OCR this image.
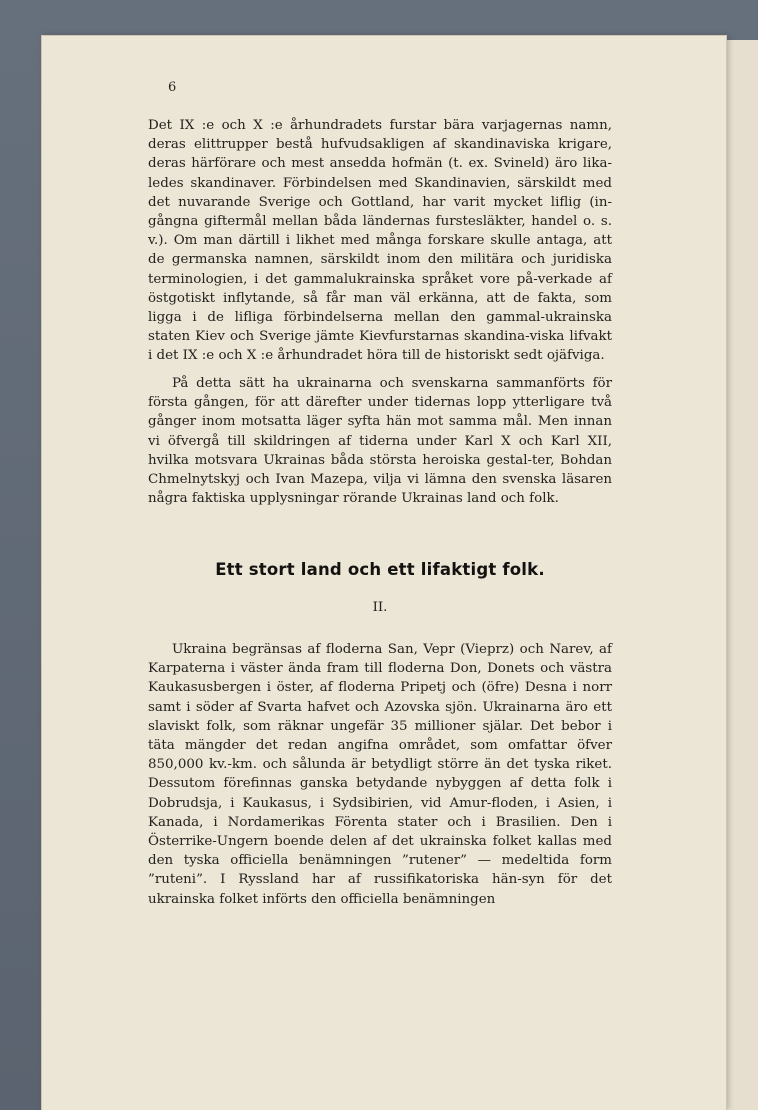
6

Det IX :e och X :e århundradets furstar bära varjagernas namn, deras elittrupper bestå hufvudsakligen af skandinaviska krigare, deras härförare och mest ansedda hofmän (t. ex. Svineld) äro lika-ledes skandinaver. Förbindelsen med Skandinavien, särskildt med det nuvarande Sverige och Gottland, har varit mycket liflig (in-gångna giftermål mellan båda ländernas furstesläkter, handel o. s. v.). Om man därtill i likhet med många forskare skulle antaga, att de germanska namnen, särskildt inom den militära och juridiska terminologien, i det gammalukrainska språket vore på-verkade af östgotiskt inflytande, så får man väl erkänna, att de fakta, som ligga i de lifliga förbindelserna mellan den gammal-ukrainska staten Kiev och Sverige jämte Kievfurstarnas skandina-viska lifvakt i det IX :e och X :e århundradet höra till de historiskt sedt ojäfviga.

På detta sätt ha ukrainarna och svenskarna sammanförts för första gången, för att därefter under tidernas lopp ytterligare två gånger inom motsatta läger syfta hän mot samma mål. Men innan vi öfvergå till skildringen af tiderna under Karl X och Karl XII, hvilka motsvara Ukrainas båda största heroiska gestal-ter, Bohdan Chmelnytskyj och Ivan Mazepa, vilja vi lämna den svenska läsaren några faktiska upplysningar rörande Ukrainas land och folk.

Ett stort land och ett lifaktigt folk.
II.

Ukraina begränsas af floderna San, Vepr (Vieprz) och Narev, af Karpaterna i väster ända fram till floderna Don, Donets och västra Kaukasusbergen i öster, af floderna Pripetj och (öfre) Desna i norr samt i söder af Svarta hafvet och Azovska sjön. Ukrainarna äro ett slaviskt folk, som räknar ungefär 35 millioner själar. Det bebor i täta mängder det redan angifna området, som omfattar öfver 850,000 kv.-km. och sålunda är betydligt större än det tyska riket. Dessutom förefinnas ganska betydande nybyggen af detta folk i Dobrudsja, i Kaukasus, i Sydsibirien, vid Amur-floden, i Asien, i Kanada, i Nordamerikas Förenta stater och i Brasilien. Den i Österrike-Ungern boende delen af det ukrainska folket kallas med den tyska officiella benämningen ”rutener” — medeltida form ”ruteni”. I Ryssland har af russifikatoriska hän-syn för det ukrainska folket införts den officiella benämningen
